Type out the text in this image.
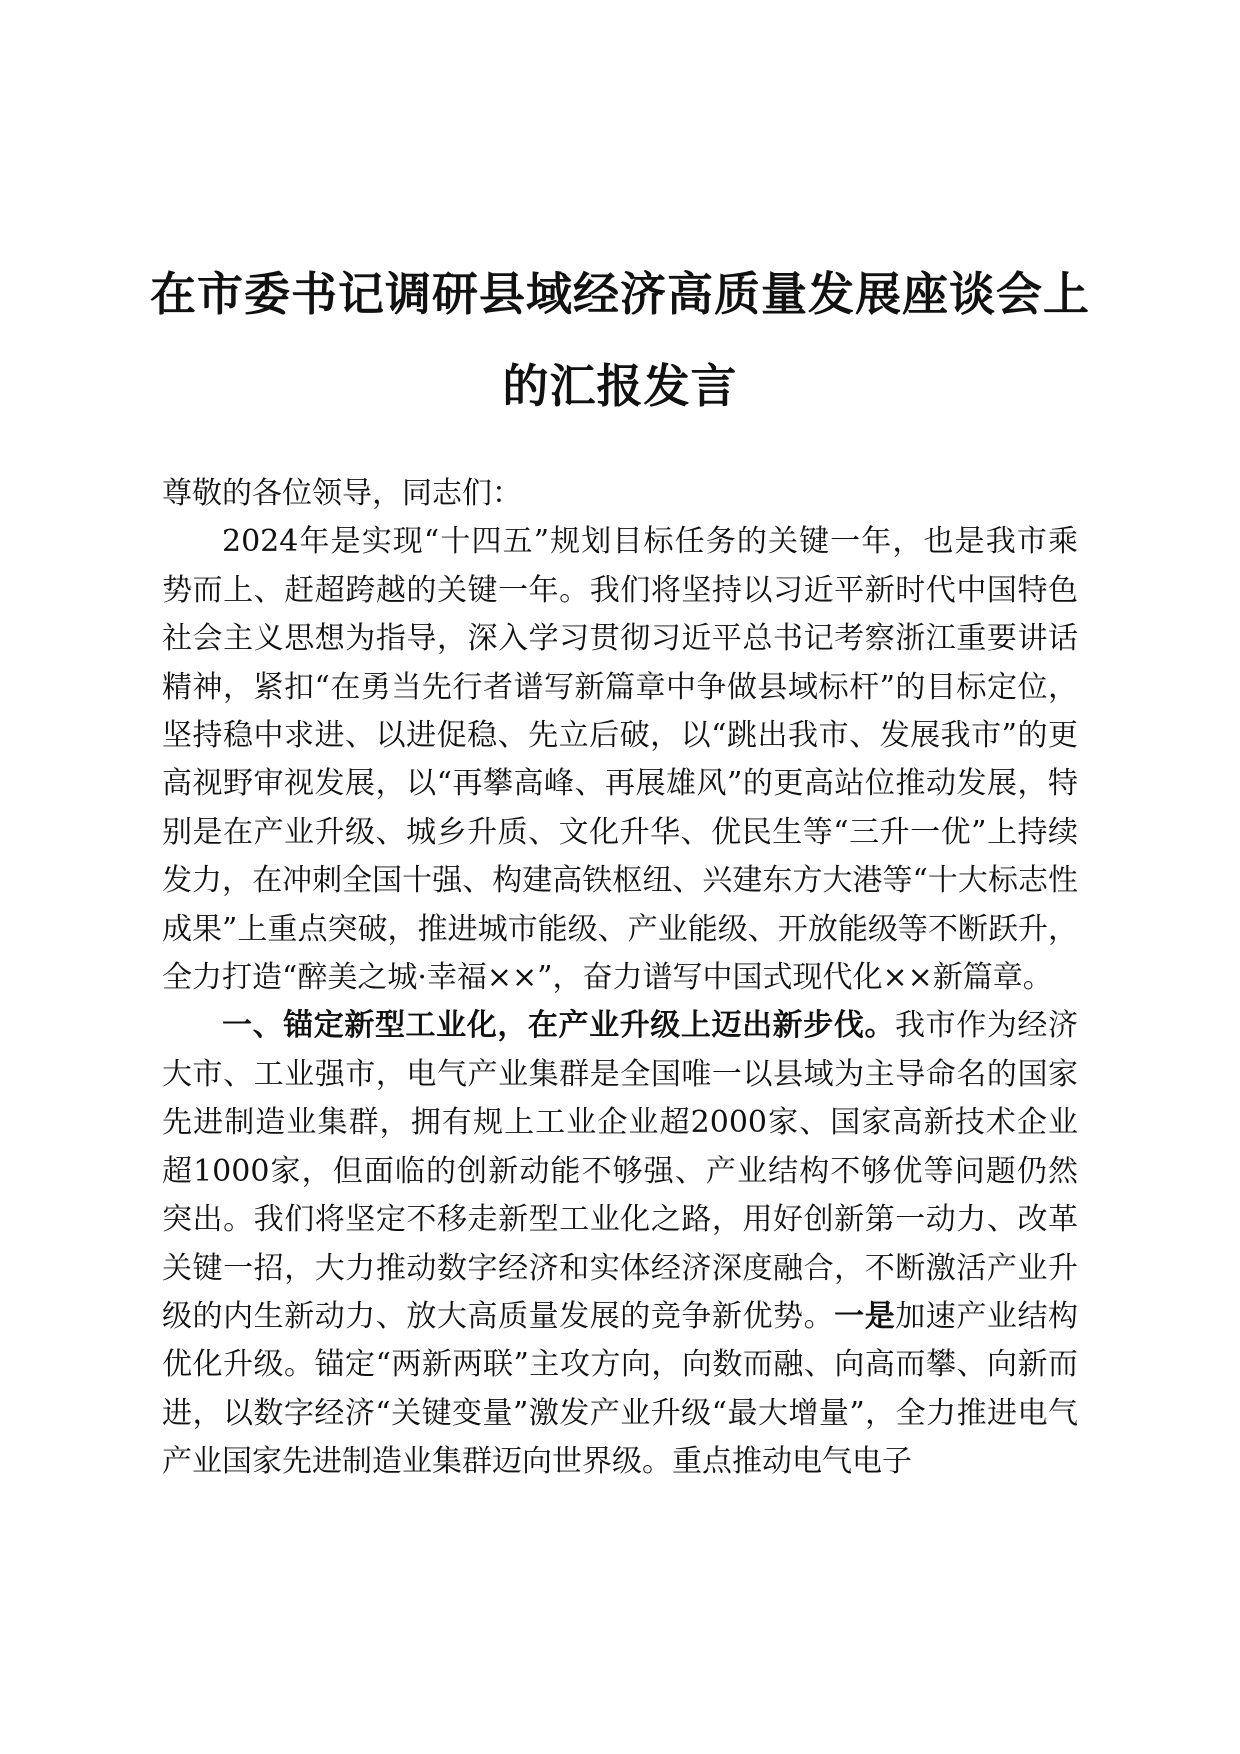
在市委书记调研县域经济高质量发展座谈会上
的汇报发言

尊敬的各位领导，同志们：

2024年是实现“十四五”规划目标任务的关键一年，也是我市乘势而上、赶超跨越的关键一年。我们将坚持以习近平新时代中国特色社会主义思想为指导，深入学习贯彻习近平总书记考察浙江重要讲话精神，紧扣“在勇当先行者谱写新篇章中争做县域标杆”的目标定位，坚持稳中求进、以进促稳、先立后破，以“跳出我市、发展我市”的更高视野审视发展，以“再攀高峰、再展雄风”的更高站位推动发展，特别是在产业升级、城乡升质、文化升华、优民生等“三升一优”上持续发力，在冲刺全国十强、构建高铁枢纽、兴建东方大港等“十大标志性成果”上重点突破，推进城市能级、产业能级、开放能级等不断跃升，全力打造“醉美之城·幸福××”，奋力谱写中国式现代化××新篇章。

一、锚定新型工业化，在产业升级上迈出新步伐。我市作为经济大市、工业强市，电气产业集群是全国唯一以县域为主导命名的国家先进制造业集群，拥有规上工业企业超2000家、国家高新技术企业超1000家，但面临的创新动能不够强、产业结构不够优等问题仍然突出。我们将坚定不移走新型工业化之路，用好创新第一动力、改革关键一招，大力推动数字经济和实体经济深度融合，不断激活产业升级的内生新动力、放大高质量发展的竞争新优势。一是加速产业结构优化升级。锚定“两新两联”主攻方向，向数而融、向高而攀、向新而进，以数字经济“关键变量”激发产业升级“最大增量”，全力推进电气产业国家先进制造业集群迈向世界级。重点推动电气电子
